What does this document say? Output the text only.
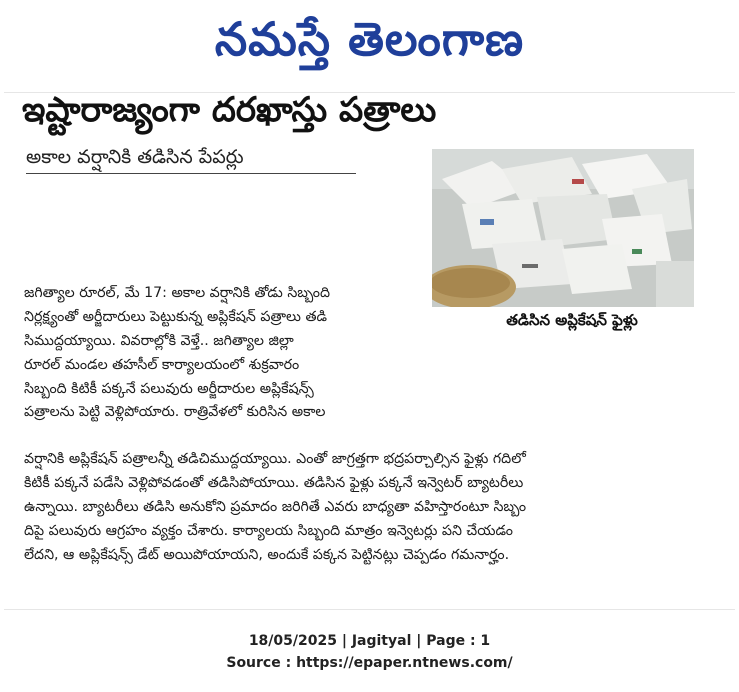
నమస్తే తెలంగాణ
ఇష్టారాజ్యంగా దరఖాస్తు పత్రాలు
అకాల వర్షానికి తడిసిన పేపర్లు
తడిసిన అప్లికేషన్ ఫైళ్లు
జగిత్యాల రూరల్, మే 17: అకాల వర్షానికి తోడు సిబ్బంది
నిర్లక్ష్యంతో అర్జీదారులు పెట్టుకున్న అప్లికేషన్ పత్రాలు తడి
సిముద్దయ్యాయి. వివరాల్లోకి వెళ్తే.. జగిత్యాల జిల్లా
రూరల్ మండల తహసీల్ కార్యాలయంలో శుక్రవారం
సిబ్బంది కిటికీ పక్కనే పలువురు అర్జీదారుల అప్లికేషన్స్
పత్రాలను పెట్టి వెళ్లిపోయారు. రాత్రివేళలో కురిసిన అకాల
వర్షానికి అప్లికేషన్ పత్రాలన్నీ తడిచిముద్దయ్యాయి. ఎంతో జాగ్రత్తగా భద్రపర్చాల్సిన ఫైళ్లు గదిలో
కిటికీ పక్కనే పడేసి వెళ్లిపోవడంతో తడిసిపోయాయి. తడిసిన ఫైళ్లు పక్కనే ఇన్వెటర్ బ్యాటరీలు
ఉన్నాయి. బ్యాటరీలు తడిసి అనుకోని ప్రమాదం జరిగితే ఎవరు బాధ్యతా వహిస్తారంటూ సిబ్బం
దిపై పలువురు ఆగ్రహం వ్యక్తం చేశారు. కార్యాలయ సిబ్బంది మాత్రం ఇన్వెటర్లు పని చేయడం
లేదని, ఆ అప్లికేషన్స్ డేట్ అయిపోయాయని, అందుకే పక్కన పెట్టినట్లు చెప్పడం గమనార్హం.
18/05/2025 | Jagityal | Page : 1
Source : https://epaper.ntnews.com/
